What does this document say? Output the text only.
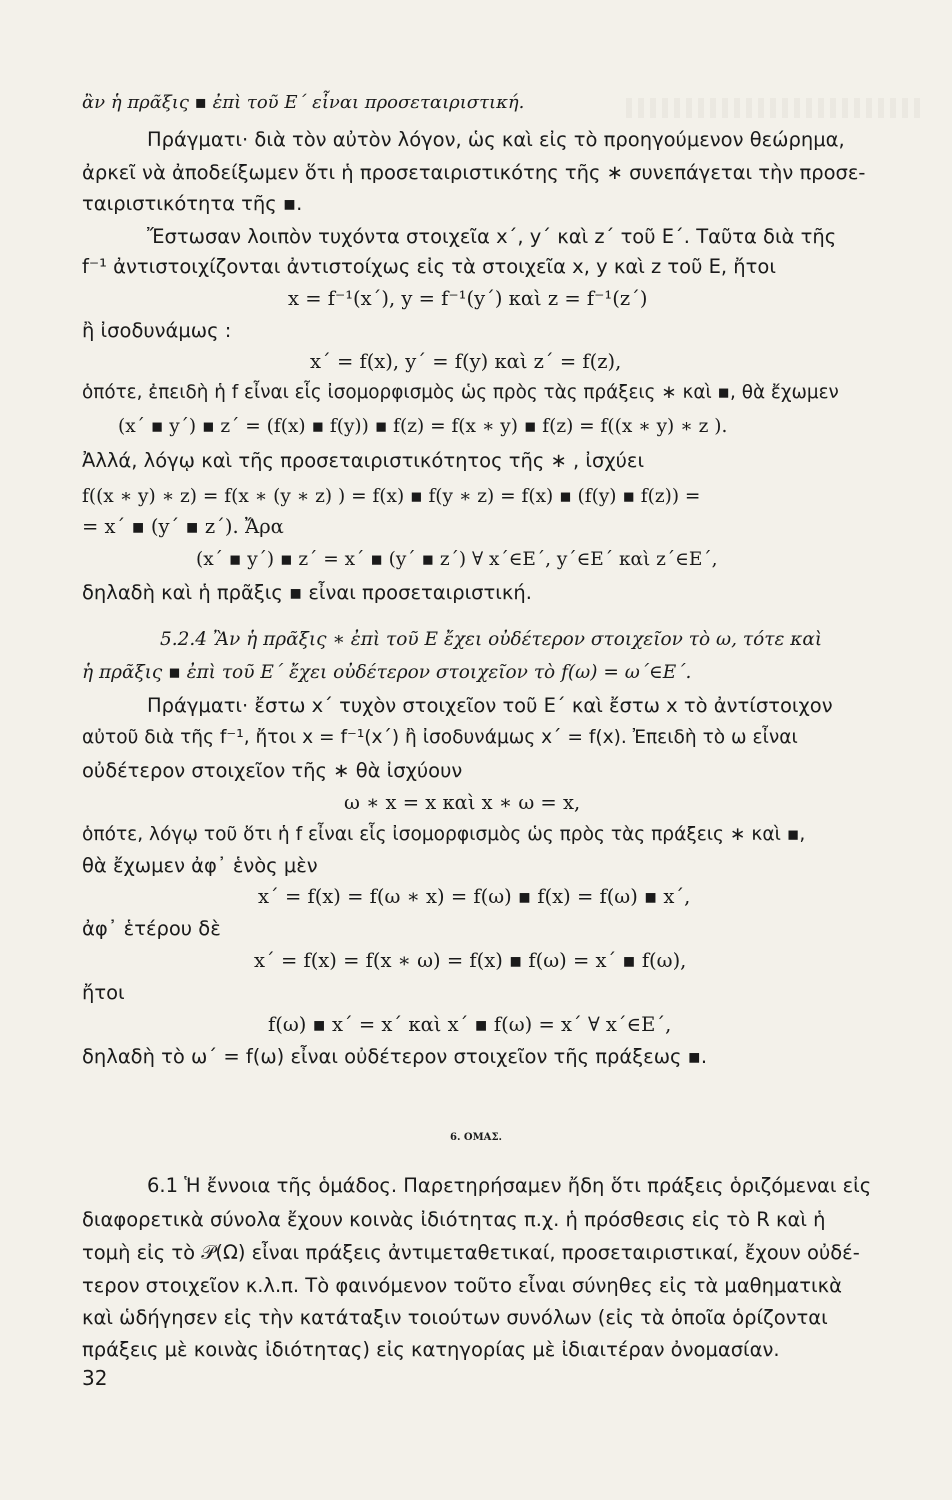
ἂν ἡ πρᾶξις ▪ ἐπὶ τοῦ Ε΄ εἶναι προσεταιριστική.
Πράγματι· διὰ τὸν αὐτὸν λόγον, ὡς καὶ εἰς τὸ προηγούμενον θεώρημα,
ἀρκεῖ νὰ ἀποδείξωμεν ὅτι ἡ προσεταιριστικότης τῆς ∗ συνεπάγεται τὴν προσε-
ταιριστικότητα τῆς ▪.
Ἔστωσαν λοιπὸν τυχόντα στοιχεῖα x΄, y΄ καὶ z΄ τοῦ Ε΄. Ταῦτα διὰ τῆς
f⁻¹ ἀντιστοιχίζονται ἀντιστοίχως εἰς τὰ στοιχεῖα x, y καὶ z τοῦ Ε, ἤτοι
x = f⁻¹(x΄), y = f⁻¹(y΄) καὶ z = f⁻¹(z΄)
ἢ ἰσοδυνάμως :
x΄ = f(x), y΄ = f(y) καὶ z΄ = f(z),
ὁπότε, ἐπειδὴ ἡ f εἶναι εἷς ἰσομορφισμὸς ὡς πρὸς τὰς πράξεις ∗ καὶ ▪, θὰ ἔχωμεν
(x΄ ▪ y΄) ▪ z΄ = (f(x) ▪ f(y)) ▪ f(z) = f(x ∗ y) ▪ f(z) = f((x ∗ y) ∗ z ).
Ἀλλά, λόγῳ καὶ τῆς προσεταιριστικότητος τῆς ∗ , ἰσχύει
f((x ∗ y) ∗ z) = f(x ∗ (y ∗ z) ) = f(x) ▪ f(y ∗ z) = f(x) ▪ (f(y) ▪ f(z)) =
= x΄ ▪ (y΄ ▪ z΄). Ἄρα
(x΄ ▪ y΄) ▪ z΄ = x΄ ▪ (y΄ ▪ z΄) ∀ x΄∈Ε΄, y΄∈Ε΄ καὶ z΄∈Ε΄,
δηλαδὴ καὶ ἡ πρᾶξις ▪ εἶναι προσεταιριστική.
5.2.4 Ἂν ἡ πρᾶξις ∗ ἐπὶ τοῦ Ε ἔχει οὐδέτερον στοιχεῖον τὸ ω, τότε καὶ
ἡ πρᾶξις ▪ ἐπὶ τοῦ Ε΄ ἔχει οὐδέτερον στοιχεῖον τὸ f(ω) = ω΄∈Ε΄.
Πράγματι· ἔστω x΄ τυχὸν στοιχεῖον τοῦ Ε΄ καὶ ἔστω x τὸ ἀντίστοιχον
αὐτοῦ διὰ τῆς f⁻¹, ἤτοι x = f⁻¹(x΄) ἢ ἰσοδυνάμως x΄ = f(x). Ἐπειδὴ τὸ ω εἶναι
οὐδέτερον στοιχεῖον τῆς ∗ θὰ ἰσχύουν
ω ∗ x = x καὶ x ∗ ω = x,
ὁπότε, λόγῳ τοῦ ὅτι ἡ f εἶναι εἷς ἰσομορφισμὸς ὡς πρὸς τὰς πράξεις ∗ καὶ ▪,
θὰ ἔχωμεν ἀφ᾽ ἑνὸς μὲν
x΄ = f(x) = f(ω ∗ x) = f(ω) ▪ f(x) = f(ω) ▪ x΄,
ἀφ᾽ ἑτέρου δὲ
x΄ = f(x) = f(x ∗ ω) = f(x) ▪ f(ω) = x΄ ▪ f(ω),
ἤτοι
f(ω) ▪ x΄ = x΄ καὶ x΄ ▪ f(ω) = x΄ ∀ x΄∈Ε΄,
δηλαδὴ τὸ ω΄ = f(ω) εἶναι οὐδέτερον στοιχεῖον τῆς πράξεως ▪.
6. ΟΜΑΣ.
6.1 Ἡ ἔννοια τῆς ὁμάδος. Παρετηρήσαμεν ἤδη ὅτι πράξεις ὁριζόμεναι εἰς
διαφορετικὰ σύνολα ἔχουν κοινὰς ἰδιότητας π.χ. ἡ πρόσθεσις εἰς τὸ R καὶ ἡ
τομὴ εἰς τὸ 𝒫(Ω) εἶναι πράξεις ἀντιμεταθετικαί, προσεταιριστικαί, ἔχουν οὐδέ-
τερον στοιχεῖον κ.λ.π. Τὸ φαινόμενον τοῦτο εἶναι σύνηθες εἰς τὰ μαθηματικὰ
καὶ ὡδήγησεν εἰς τὴν κατάταξιν τοιούτων συνόλων (εἰς τὰ ὁποῖα ὁρίζονται
πράξεις μὲ κοινὰς ἰδιότητας) εἰς κατηγορίας μὲ ἰδιαιτέραν ὀνομασίαν.
32
